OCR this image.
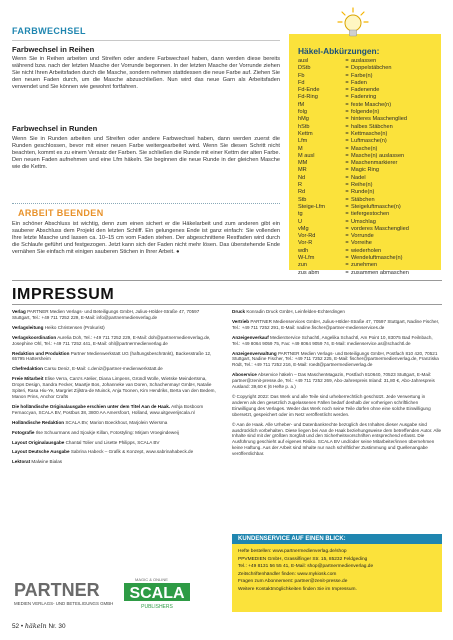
FARBWECHSEL
Farbwechsel in Reihen
Wenn Sie in Reihen arbeiten und Streifen oder andere Farbwechsel haben, dann werden diese bereits während bzw. nach der letzten Masche der Vorrunde begonnen. In der letzten Masche der Vorrunde ziehen Sie nicht Ihren Arbeitsfaden durch die Masche, sondern nehmen stattdessen die neue Farbe auf. Ziehen Sie den neuen Faden durch, um die Masche abzuschließen. Nun wird das neue Garn als Arbeitsfaden verwendet und Sie können wie gewohnt fortfahren.
Farbwechsel in Runden
Wenn Sie in Runden arbeiten und Streifen oder andere Farbwechsel haben, dann werden zuerst die Runden geschlossen, bevor mit einer neuen Farbe weitergearbeitet wird. Wenn Sie diesen Schritt nicht beachten, kommt es zu einem Versatz der Farben. Sie schließen die Runde mit einer Kettm der alten Farbe. Den neuen Faden aufnehmen und eine Lfm häkeln. Sie beginnen die neue Runde in der gleichen Masche wie die Kettm.
ARBEIT BEENDEN
Ein schöner Abschluss ist wichtig, denn zum einen sichert er die Häkelarbeit und zum anderen gibt ein sauberer Abschluss dem Projekt den letzten Schliff. Ein gelungenes Ende ist ganz einfach: Sie vollenden Ihre letzte Masche und lassen ca. 10–15 cm vom Faden stehen. Der abgeschnittene Restfaden wird durch die Schlaufe geführt und festgezogen. Jetzt kann sich der Faden nicht mehr lösen. Das überstehende Ende vernähen Sie einfach mit einigen sauberen Stichen in Ihrer Arbeit. ●
Häkel-Abkürzungen:
ausl	= auslassen
DStb	= Doppelstäbchen
Fb	= Farbe(n)
Fd	= Faden
Fd-Ende	= Fadenende
Fd-Ring	= Fadenring
fM	= feste Masche(n)
folg	= folgende(n)
hMg	= hinteres Maschenglied
hStb	= halbes Stäbchen
Kettm	= Kettmasche(n)
Lfm	= Luftmasche(n)
M	= Masche(n)
M ausl	= Masche(n) auslassen
MM	= Maschenmarkierer
MR	= Magic Ring
Nd	= Nadel
R	= Reihe(n)
Rd	= Runde(n)
Stb	= Stäbchen
Steige-Lfm	= Steigeluftmasche(n)
tg	= tiefergestochen
U	= Umschlag
vMg	= vorderes Maschenglied
Vor-Rd	= Vorrunde
Vor-R	= Vorreihe
wdh	= wiederholen
W-Lfm	= Wendeluftmasche(n)
zun	= zunehmen
zus abm	= zusammen abmaschen
IMPRESSUM
Verlag PARTNER Medien Verlags- und Beteiligungs GmbH, Julius-Hölder-Straße 47, 70597 Stuttgart, Tel.: +49 711 7252 229, E-Mail: info@partnermedienverlag.de
Verlagsleitung Heiko Christensen (Prokurist)
Verlagskoordination Aurelia Doh, Tel.: +49 711 7252 229, E-Mail: doh@partnermedienverlag.de, Josephine Ohl, Tel.: +49 711 7252 441, E-Mail: ohl@partnermedienverlag.de
Redaktion und Produktion Partner Medienwerkstatt UG (haftungsbeschränkt), Backesstraße 12, 65795 Hattersheim
Chefredaktion Carsu Deniz, E-Mail: c.deniz@partner-medienwerkstatt.de
Freie Mitarbeit Elise Verra, Caro's Atelier, Diana Limpens, Gründl Wolle, Wietske Meindertsma, Drops Design, Sandra Fecker, Maartje Bos, Johanneke van Doren, Schachenmayr GmbH, Natalie Spiteri, Rasa Hiu-Ye, Margriet Zijlstra-de Muinck, Anja Toonen, Kim Hendriks, Berta van den Bedem, Manon Prins, Anchor Crafts
Die holländische Originalausgabe erschien unter dem Titel Aan de Haak. Ashja Bosboom Fernaccyan, SCALA BV, Postbus 38, 3800 AA Amersfoort, Holland, www.uitgeverijscala.nl
Holländische Redaktion SCALA BV, Marion Boeckhout, Marjolein Wiersma
Fotografie Ilse Schuurmans and Sjoukje Killan, Fotostyling: Mirjam Vroegindeweij
Layout Originalausgabe Chantal Tolier und Lisette Philipps, SCALA BV
Layout Deutsche Ausgabe Sabrina Habeck – Grafik & Konzept, www.sabrinahabeck.de
Lektorat Malwine Bialas
Druck Konradin Druck GmbH, Leinfelden-Echterdingen
Vertrieb PARTNER Medienservices GmbH, Julius-Hölder-Straße 47, 70597 Stuttgart, Nadine Fischer, Tel.: +49 711 7252 291, E-Mail: nadine.fischer@partner-medienservices.de
Anzeigenverkauf MedienService Schachtl, Angelika Schachtl, Am Point 10, 83075 Bad Feilnbach, Tel.: +49 8064 9059 75, Fax: +49 8064 9059 74, E-Mail: medienservice.as@schachtl.de
Anzeigenverwaltung PARTNER Medien Verlags- und Beteiligungs GmbH, Postfach 810 420, 70521 Stuttgart, Nadine Fischer, Tel.: +49 711 7252 225, E-Mail: fischer@partnermedienverlag.de, Franziska Rödt, Tel.: +49 711 7252 216, E-Mail: roedt@partnermedienverlag.de
Aboservice Abservice häkeln – Das MaschenMagazin, Postfach 810640, 70523 Stuttgart, E-Mail: partner@zenit-presse.de, Tel.: +49 711 7252 269, Abo-Jahrespreis Inland: 31,80 €, Abo-Jahrespreis Ausland: 39,60 € (6 Hefte p. a.)
© Copyright 2022: Das Werk und alle Teile sind urheberrechtlich geschützt. Jede Verwertung in anderen als den gesetzlich zugelassenen Fällen bedarf deshalb der vorherigen schriftlichen Einwilligung des Verlages. Weder das Werk noch seine Teile dürfen ohne eine solche Einwilligung übersetzt, gespeichert oder im Netz veröffentlicht werden.
© Aan de Haak. Alle Urheber- und Datenbankrechte bezüglich des Inhaltes dieser Ausgabe sind ausdrücklich vorbehalten. Diese liegen bei Aan de Haak beziehungsweise dem betreffenden Autor. Alle Inhalte sind mit der größten Sorgfalt und den Sicherheitsvorschriften entsprechend erfasst. Die Ausführung geschieht auf eigenes Risiko. SCALA BV und/oder seine Mitarbeiter/innen übernehmen keine Haftung. Aus der Arbeit sind Inhalte nur nach schriftlicher Zustimmung und Quellenangabe veröffentlichbar.
KUNDENSERVICE AUF EINEN BLICK:
Hefte bestellen: www.partnermedienverlag.de/shop
PPVMEDIEN GmbH, Grassilfinger Str. 15, 85232 Feldgeding
Tel.: +49 8131 56 55 41, E-Mail: shop@partnermedienverlag.de
Zeitschriftenhändler finden: www.mykiosk.com
Fragen zum Abonnement: partner@zenit-presse.de
Weitere Kontaktmöglichkeiten finden Sie im Impressum.
PARTNER
MEDIEN VERLAGS- UND BETEILIGUNGS GMBH
MAGIC & ONLINE
SCALA
PUBLISHERS
52 • häkeln Nr. 30
